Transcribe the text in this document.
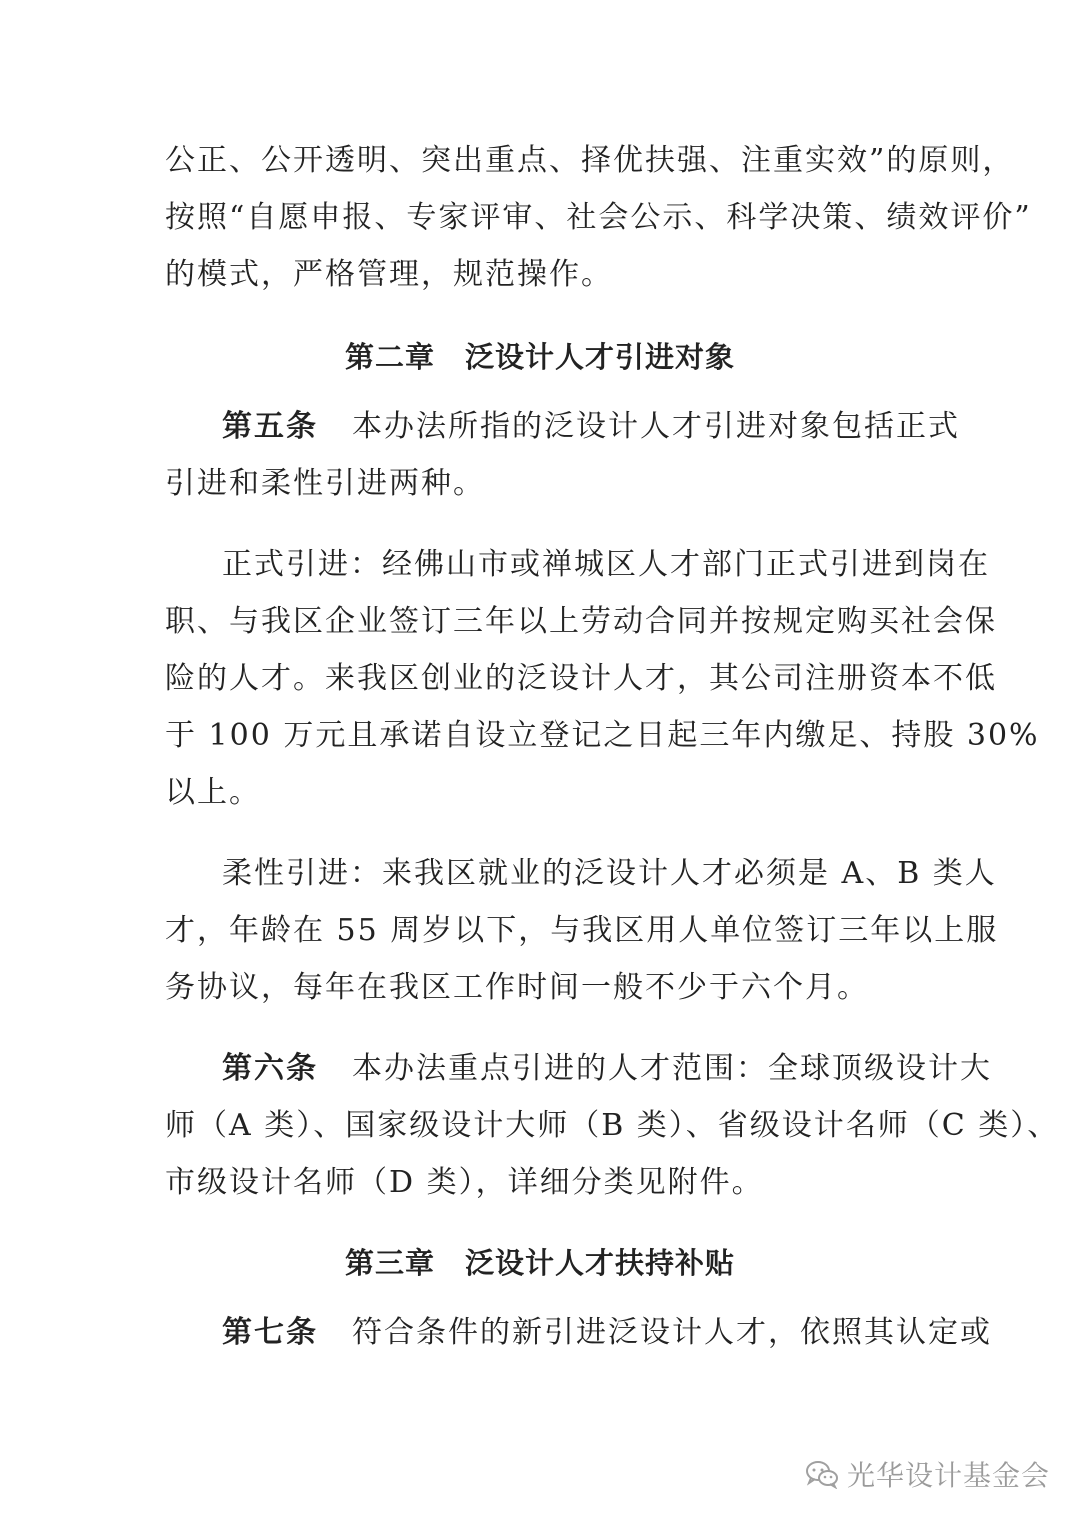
公正、公开透明、突出重点、择优扶强、注重实效”的原则，
按照“自愿申报、专家评审、社会公示、科学决策、绩效评价”
的模式，严格管理，规范操作。
第二章　泛设计人才引进对象
第五条 本办法所指的泛设计人才引进对象包括正式
引进和柔性引进两种。
正式引进：经佛山市或禅城区人才部门正式引进到岗在
职、与我区企业签订三年以上劳动合同并按规定购买社会保
险的人才。来我区创业的泛设计人才，其公司注册资本不低
于 100 万元且承诺自设立登记之日起三年内缴足、持股 30%
以上。
柔性引进：来我区就业的泛设计人才必须是 A、B 类人
才，年龄在 55 周岁以下，与我区用人单位签订三年以上服
务协议，每年在我区工作时间一般不少于六个月。
第六条 本办法重点引进的人才范围：全球顶级设计大
师（A 类）、国家级设计大师（B 类）、省级设计名师（C 类）、
市级设计名师（D 类），详细分类见附件。
第三章　泛设计人才扶持补贴
第七条 符合条件的新引进泛设计人才，依照其认定或
光华设计基金会
